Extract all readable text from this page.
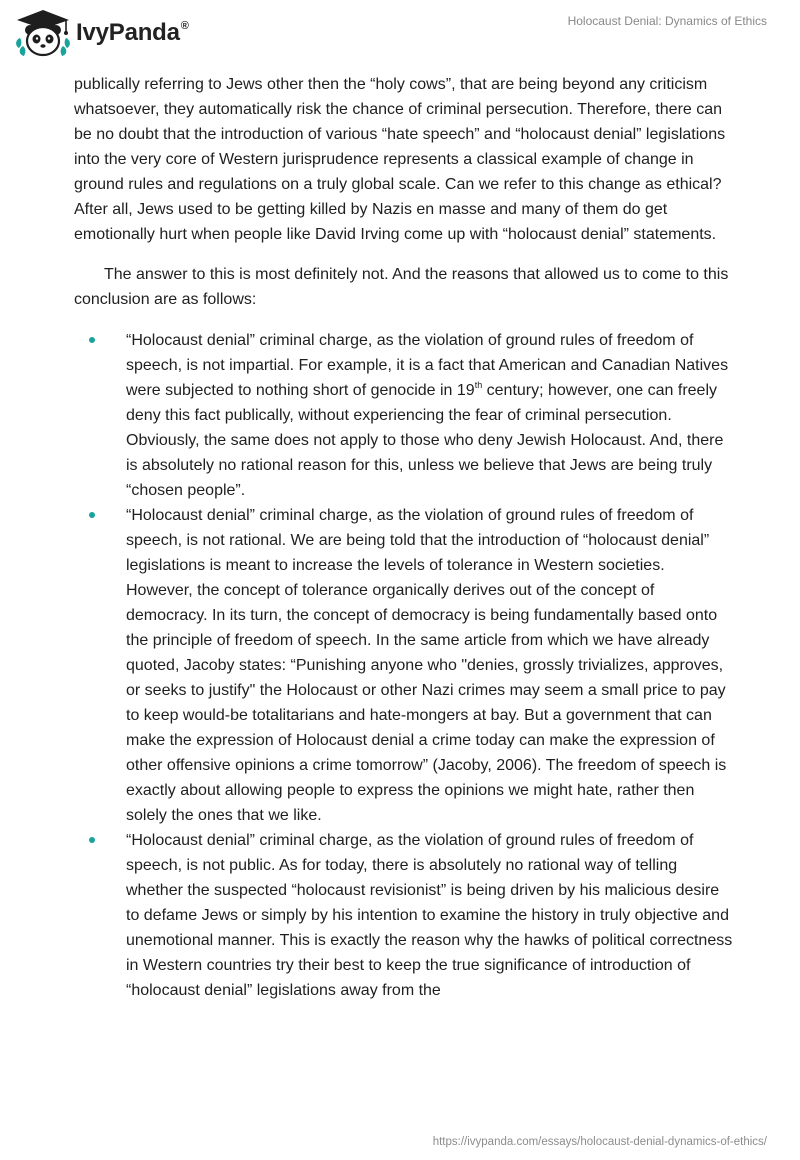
IvyPanda®	Holocaust Denial: Dynamics of Ethics

publically referring to Jews other then the “holy cows”, that are being beyond any criticism whatsoever, they automatically risk the chance of criminal persecution. Therefore, there can be no doubt that the introduction of various “hate speech” and “holocaust denial” legislations into the very core of Western jurisprudence represents a classical example of change in ground rules and regulations on a truly global scale. Can we refer to this change as ethical? After all, Jews used to be getting killed by Nazis en masse and many of them do get emotionally hurt when people like David Irving come up with “holocaust denial” statements.

The answer to this is most definitely not. And the reasons that allowed us to come to this conclusion are as follows:

“Holocaust denial” criminal charge, as the violation of ground rules of freedom of speech, is not impartial. For example, it is a fact that American and Canadian Natives were subjected to nothing short of genocide in 19th century; however, one can freely deny this fact publically, without experiencing the fear of criminal persecution. Obviously, the same does not apply to those who deny Jewish Holocaust. And, there is absolutely no rational reason for this, unless we believe that Jews are being truly “chosen people”.
“Holocaust denial” criminal charge, as the violation of ground rules of freedom of speech, is not rational. We are being told that the introduction of “holocaust denial” legislations is meant to increase the levels of tolerance in Western societies. However, the concept of tolerance organically derives out of the concept of democracy. In its turn, the concept of democracy is being fundamentally based onto the principle of freedom of speech. In the same article from which we have already quoted, Jacoby states: “Punishing anyone who "denies, grossly trivializes, approves, or seeks to justify" the Holocaust or other Nazi crimes may seem a small price to pay to keep would-be totalitarians and hate-mongers at bay. But a government that can make the expression of Holocaust denial a crime today can make the expression of other offensive opinions a crime tomorrow” (Jacoby, 2006). The freedom of speech is exactly about allowing people to express the opinions we might hate, rather then solely the ones that we like.
“Holocaust denial” criminal charge, as the violation of ground rules of freedom of speech, is not public. As for today, there is absolutely no rational way of telling whether the suspected “holocaust revisionist” is being driven by his malicious desire to defame Jews or simply by his intention to examine the history in truly objective and unemotional manner. This is exactly the reason why the hawks of political correctness in Western countries try their best to keep the true significance of introduction of “holocaust denial” legislations away from the
https://ivypanda.com/essays/holocaust-denial-dynamics-of-ethics/
